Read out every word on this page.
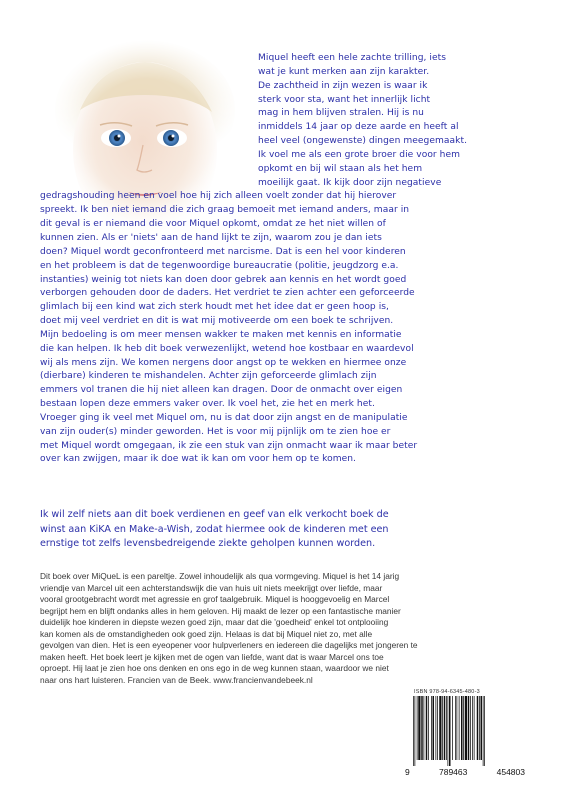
Miquel heeft een hele zachte trilling, iets
wat je kunt merken aan zijn karakter.
De zachtheid in zijn wezen is waar ik
sterk voor sta, want het innerlijk licht
mag in hem blijven stralen. Hij is nu
inmiddels 14 jaar op deze aarde en heeft al
heel veel (ongewenste) dingen meegemaakt.
Ik voel me als een grote broer die voor hem
opkomt en bij wil staan als het hem
moeilijk gaat. Ik kijk door zijn negatieve
gedragshouding heen en voel hoe hij zich alleen voelt zonder dat hij hierover
spreekt. Ik ben niet iemand die zich graag bemoeit met iemand anders, maar in
dit geval is er niemand die voor Miquel opkomt, omdat ze het niet willen of
kunnen zien. Als er 'niets' aan de hand lijkt te zijn, waarom zou je dan iets
doen? Miquel wordt geconfronteerd met narcisme. Dat is een hel voor kinderen
en het probleem is dat de tegenwoordige bureaucratie (politie, jeugdzorg e.a.
instanties) weinig tot niets kan doen door gebrek aan kennis en het wordt goed
verborgen gehouden door de daders. Het verdriet te zien achter een geforceerde
glimlach bij een kind wat zich sterk houdt met het idee dat er geen hoop is,
doet mij veel verdriet en dit is wat mij motiveerde om een boek te schrijven.
Mijn bedoeling is om meer mensen wakker te maken met kennis en informatie
die kan helpen. Ik heb dit boek verwezenlijkt, wetend hoe kostbaar en waardevol
wij als mens zijn. We komen nergens door angst op te wekken en hiermee onze
(dierbare) kinderen te mishandelen. Achter zijn geforceerde glimlach zijn
emmers vol tranen die hij niet alleen kan dragen. Door de onmacht over eigen
bestaan lopen deze emmers vaker over. Ik voel het, zie het en merk het.
Vroeger ging ik veel met Miquel om, nu is dat door zijn angst en de manipulatie
van zijn ouder(s) minder geworden. Het is voor mij pijnlijk om te zien hoe er
met Miquel wordt omgegaan, ik zie een stuk van zijn onmacht waar ik maar beter
over kan zwijgen, maar ik doe wat ik kan om voor hem op te komen.
Ik wil zelf niets aan dit boek verdienen en geef van elk verkocht boek de
winst aan KiKA en Make-a-Wish, zodat hiermee ook de kinderen met een
ernstige tot zelfs levensbedreigende ziekte geholpen kunnen worden.
Dit boek over MiQueL is een pareltje. Zowel inhoudelijk als qua vormgeving. Miquel is het 14 jarig
vriendje van Marcel uit een achterstandswijk die van huis uit niets meekrijgt over liefde, maar
vooral grootgebracht wordt met agressie en grof taalgebruik. Miquel is hooggevoelig en Marcel
begrijpt hem en blijft ondanks alles in hem geloven. Hij maakt de lezer op een fantastische manier
duidelijk hoe kinderen in diepste wezen goed zijn, maar dat die 'goedheid' enkel tot ontplooiing
kan komen als de omstandigheden ook goed zijn. Helaas is dat bij Miquel niet zo, met alle
gevolgen van dien. Het is een eyeopener voor hulpverleners en iedereen die dagelijks met jongeren te
maken heeft. Het boek leert je kijken met de ogen van liefde, want dat is waar Marcel ons toe
oproept. Hij laat je zien hoe ons denken en ons ego in de weg kunnen staan, waardoor we niet
naar ons hart luisteren. Francien van de Beek. www.francienvandebeek.nl
ISBN 978-94-6345-480-3
9	789463	454803
